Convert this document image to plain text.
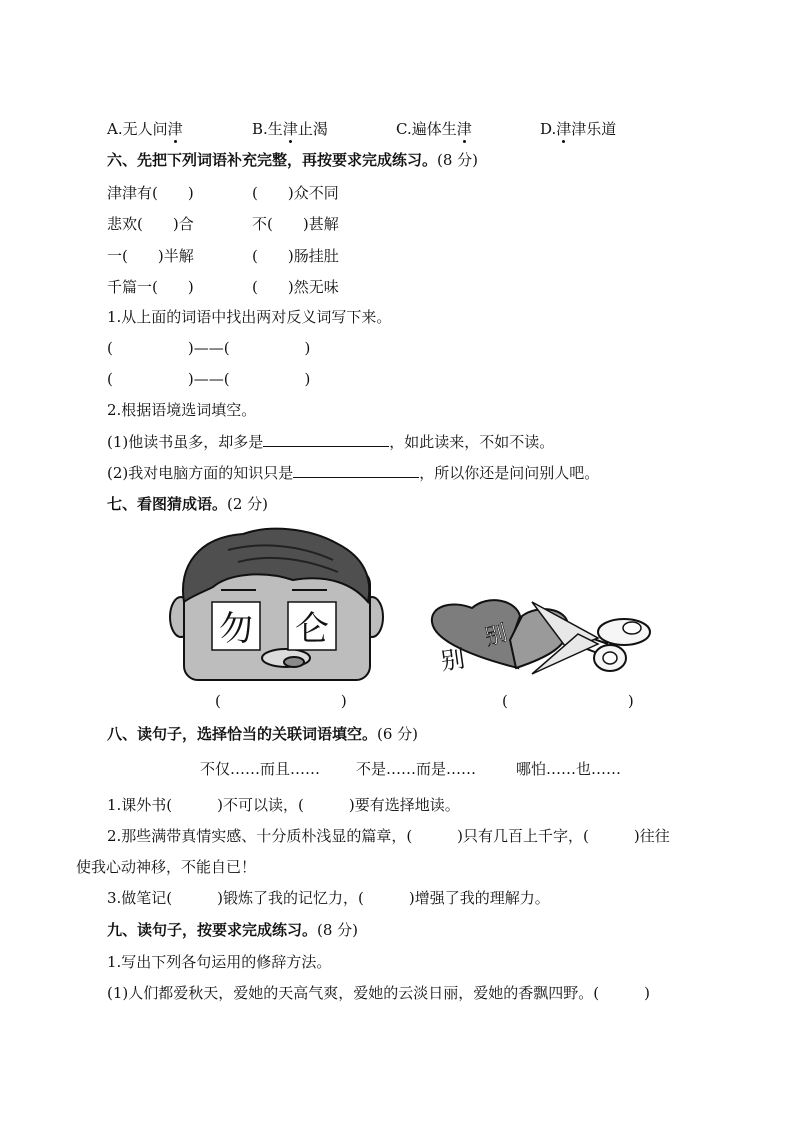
A.无人问津	B.生津止渴	C.遍体生津	D.津津乐道
六、先把下列词语补充完整，再按要求完成练习。(8 分)
津津有(　　)	(　　)众不同
悲欢(　　)合	不(　　)甚解
一(　　)半解	(　　)肠挂肚
千篇一(　　)	(　　)然无味
1.从上面的词语中找出两对反义词写下来。
(　　　　　)——(　　　　　)
(　　　　　)——(　　　　　)
2.根据语境选词填空。
(1)他读书虽多，却多是	，如此读来，不如不读。
(2)我对电脑方面的知识只是	，所以你还是问问别人吧。
七、看图猜成语。(2 分)
勿 仑	别
别
(　　　　　　　　)	(　　　　　　　　)
八、读句子，选择恰当的关联词语填空。(6 分)
不仅……而且…… 不是……而是……	哪怕……也……
1.课外书(　　　)不可以读，(　　　)要有选择地读。
2.那些满带真情实感、十分质朴浅显的篇章，(　　　)只有几百上千字，(　　　)往往
使我心动神移，不能自已！
3.做笔记(　　　)锻炼了我的记忆力，(　　　)增强了我的理解力。
九、读句子，按要求完成练习。(8 分)
1.写出下列各句运用的修辞方法。
(1)人们都爱秋天，爱她的天高气爽，爱她的云淡日丽，爱她的香飘四野。(　　　)
